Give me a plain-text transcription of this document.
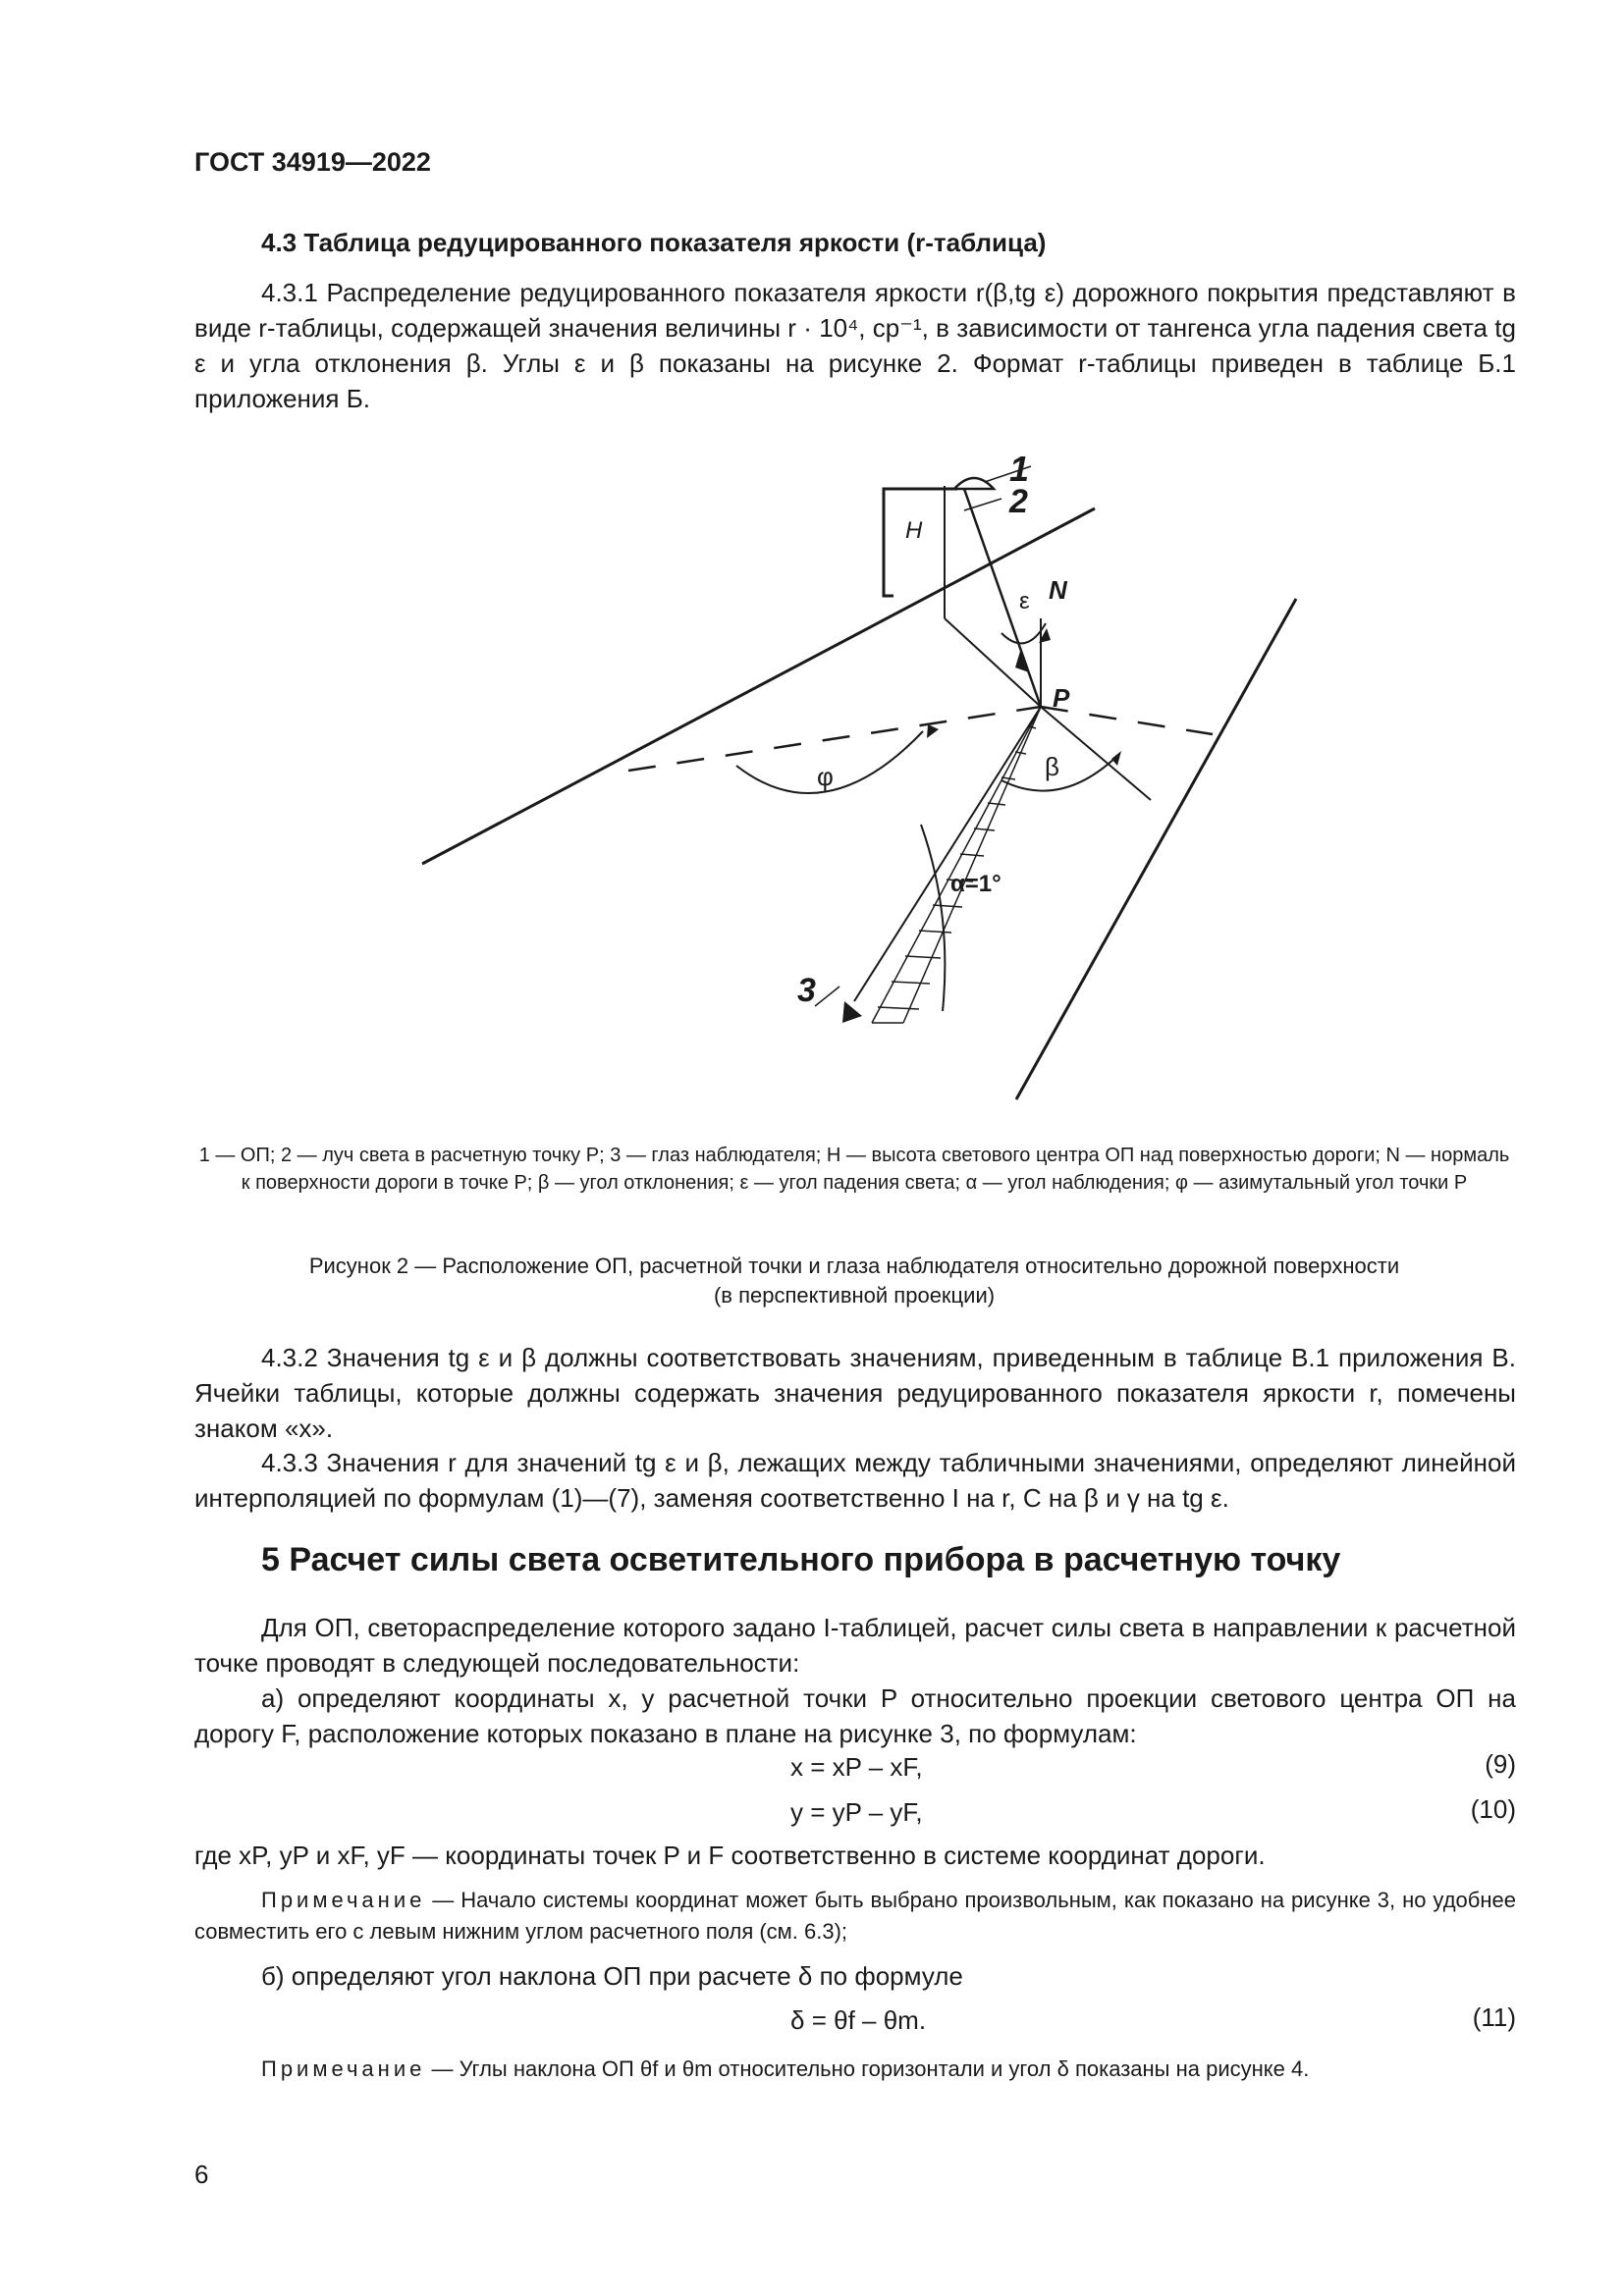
ГОСТ 34919—2022
4.3 Таблица редуцированного показателя яркости (r-таблица)
4.3.1 Распределение редуцированного показателя яркости r(β,tg ε) дорожного покрытия представляют в виде r-таблицы, содержащей значения величины r · 10⁴, ср⁻¹, в зависимости от тангенса угла падения света tg ε и угла отклонения β. Углы ε и β показаны на рисунке 2. Формат r-таблицы приведен в таблице Б.1 приложения Б.
1
2
3
H
N
P
ε
φ	β
α=1°
1 — ОП; 2 — луч света в расчетную точку P; 3 — глаз наблюдателя; H — высота светового центра ОП над поверхностью дороги; N — нормаль к поверхности дороги в точке P; β — угол отклонения; ε — угол падения света; α — угол наблюдения; φ — азимутальный угол точки P
Рисунок 2 — Расположение ОП, расчетной точки и глаза наблюдателя относительно дорожной поверхности
(в перспективной проекции)
4.3.2 Значения tg ε и β должны соответствовать значениям, приведенным в таблице В.1 приложения В. Ячейки таблицы, которые должны содержать значения редуцированного показателя яркости r, помечены знаком «х».
4.3.3 Значения r для значений tg ε и β, лежащих между табличными значениями, определяют линейной интерполяцией по формулам (1)—(7), заменяя соответственно I на r, C на β и γ на tg ε.
5 Расчет силы света осветительного прибора в расчетную точку
Для ОП, светораспределение которого задано I-таблицей, расчет силы света в направлении к расчетной точке проводят в следующей последовательности:
а) определяют координаты x, y расчетной точки P относительно проекции светового центра ОП на дорогу F, расположение которых показано в плане на рисунке 3, по формулам:
x = xP – xF,	(9)
y = yP – yF,	(10)
где xP, yP и xF, yF — координаты точек P и F соответственно в системе координат дороги.
Примечание — Начало системы координат может быть выбрано произвольным, как показано на рисунке 3, но удобнее совместить его с левым нижним углом расчетного поля (см. 6.3);
б) определяют угол наклона ОП при расчете δ по формуле
δ = θf – θm.	(11)
Примечание — Углы наклона ОП θf и θm относительно горизонтали и угол δ показаны на рисунке 4.
6
